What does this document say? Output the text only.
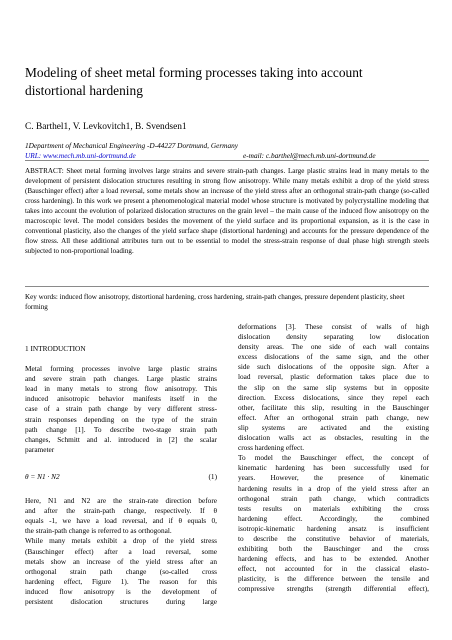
Modeling of sheet metal forming processes taking into account
distortional hardening
C. Barthel1, V. Levkovitch1, B. Svendsen1
1Department of Mechanical Engineering -D-44227 Dortmund, Germany
URL: www.mech.mb.uni-dortmund.de	e-mail: c.barthel@mech.mb.uni-dortmund.de
ABSTRACT: Sheet metal forming involves large strains and severe strain-path changes. Large plastic strains lead in many metals to the development of persistent dislocation structures resulting in strong flow anisotropy. While many metals exhibit a drop of the yield stress (Bauschinger effect) after a load reversal, some metals show an increase of the yield stress after an orthogonal strain-path change (so-called cross hardening). In this work we present a phenomenological material model whose structure is motivated by polycrystalline modeling that takes into account the evolution of polarized dislocation structures on the grain level – the main cause of the induced flow anisotropy on the macroscopic level. The model considers besides the movement of the yield surface and its proportional expansion, as it is the case in conventional plasticity, also the changes of the yield surface shape (distortional hardening) and accounts for the pressure dependence of the flow stress. All these additional attributes turn out to be essential to model the stress-strain response of dual phase high strength steels subjected to non-proportional loading.
Key words: induced flow anisotropy, distortional hardening, cross hardening, strain-path changes, pressure dependent plasticity, sheet forming

1 INTRODUCTION

Metal forming processes involve large plastic strains
and severe strain path changes. Large plastic strains
lead in many metals to strong flow anisotropy. This
induced anisotropic behavior manifests itself in the
case of a strain path change by very different stress-
strain responses depending on the type of the strain
path change [1]. To describe two-stage strain path
changes, Schmitt and al. introduced in [2] the scalar
parameter

θ = N1 · N2	(1)

Here, N1 and N2 are the strain-rate direction before
and after the strain-path change, respectively. If θ
equals -1, we have a load reversal, and if θ equals 0,
the strain-path change is referred to as orthogonal.
While many metals exhibit a drop of the yield stress
(Bauschinger effect) after a load reversal, some
metals show an increase of the yield stress after an
orthogonal strain path change (so-called cross
hardening effect, Figure 1). The reason for this
induced flow anisotropy is the development of
persistent dislocation structures during large

deformations [3]. These consist of walls of high
dislocation density separating low dislocation
density areas. The one side of each wall contains
excess dislocations of the same sign, and the other
side such dislocations of the opposite sign. After a
load reversal, plastic deformation takes place due to
the slip on the same slip systems but in opposite
direction. Excess dislocations, since they repel each
other, facilitate this slip, resulting in the Bauschinger
effect. After an orthogonal strain path change, new
slip systems are activated and the existing
dislocation walls act as obstacles, resulting in the
cross hardening effect.
To model the Bauschinger effect, the concept of
kinematic hardening has been successfully used for
years. However, the presence of kinematic
hardening results in a drop of the yield stress after an
orthogonal strain path change, which contradicts
tests results on materials exhibiting the cross
hardening effect. Accordingly, the combined
isotropic-kinematic hardening ansatz is insufficient
to describe the constitutive behavior of materials,
exhibiting both the Bauschinger and the cross
hardening effects, and has to be extended. Another
effect, not accounted for in the classical elasto-
plasticity, is the difference between the tensile and
compressive strengths (strength differential effect),
